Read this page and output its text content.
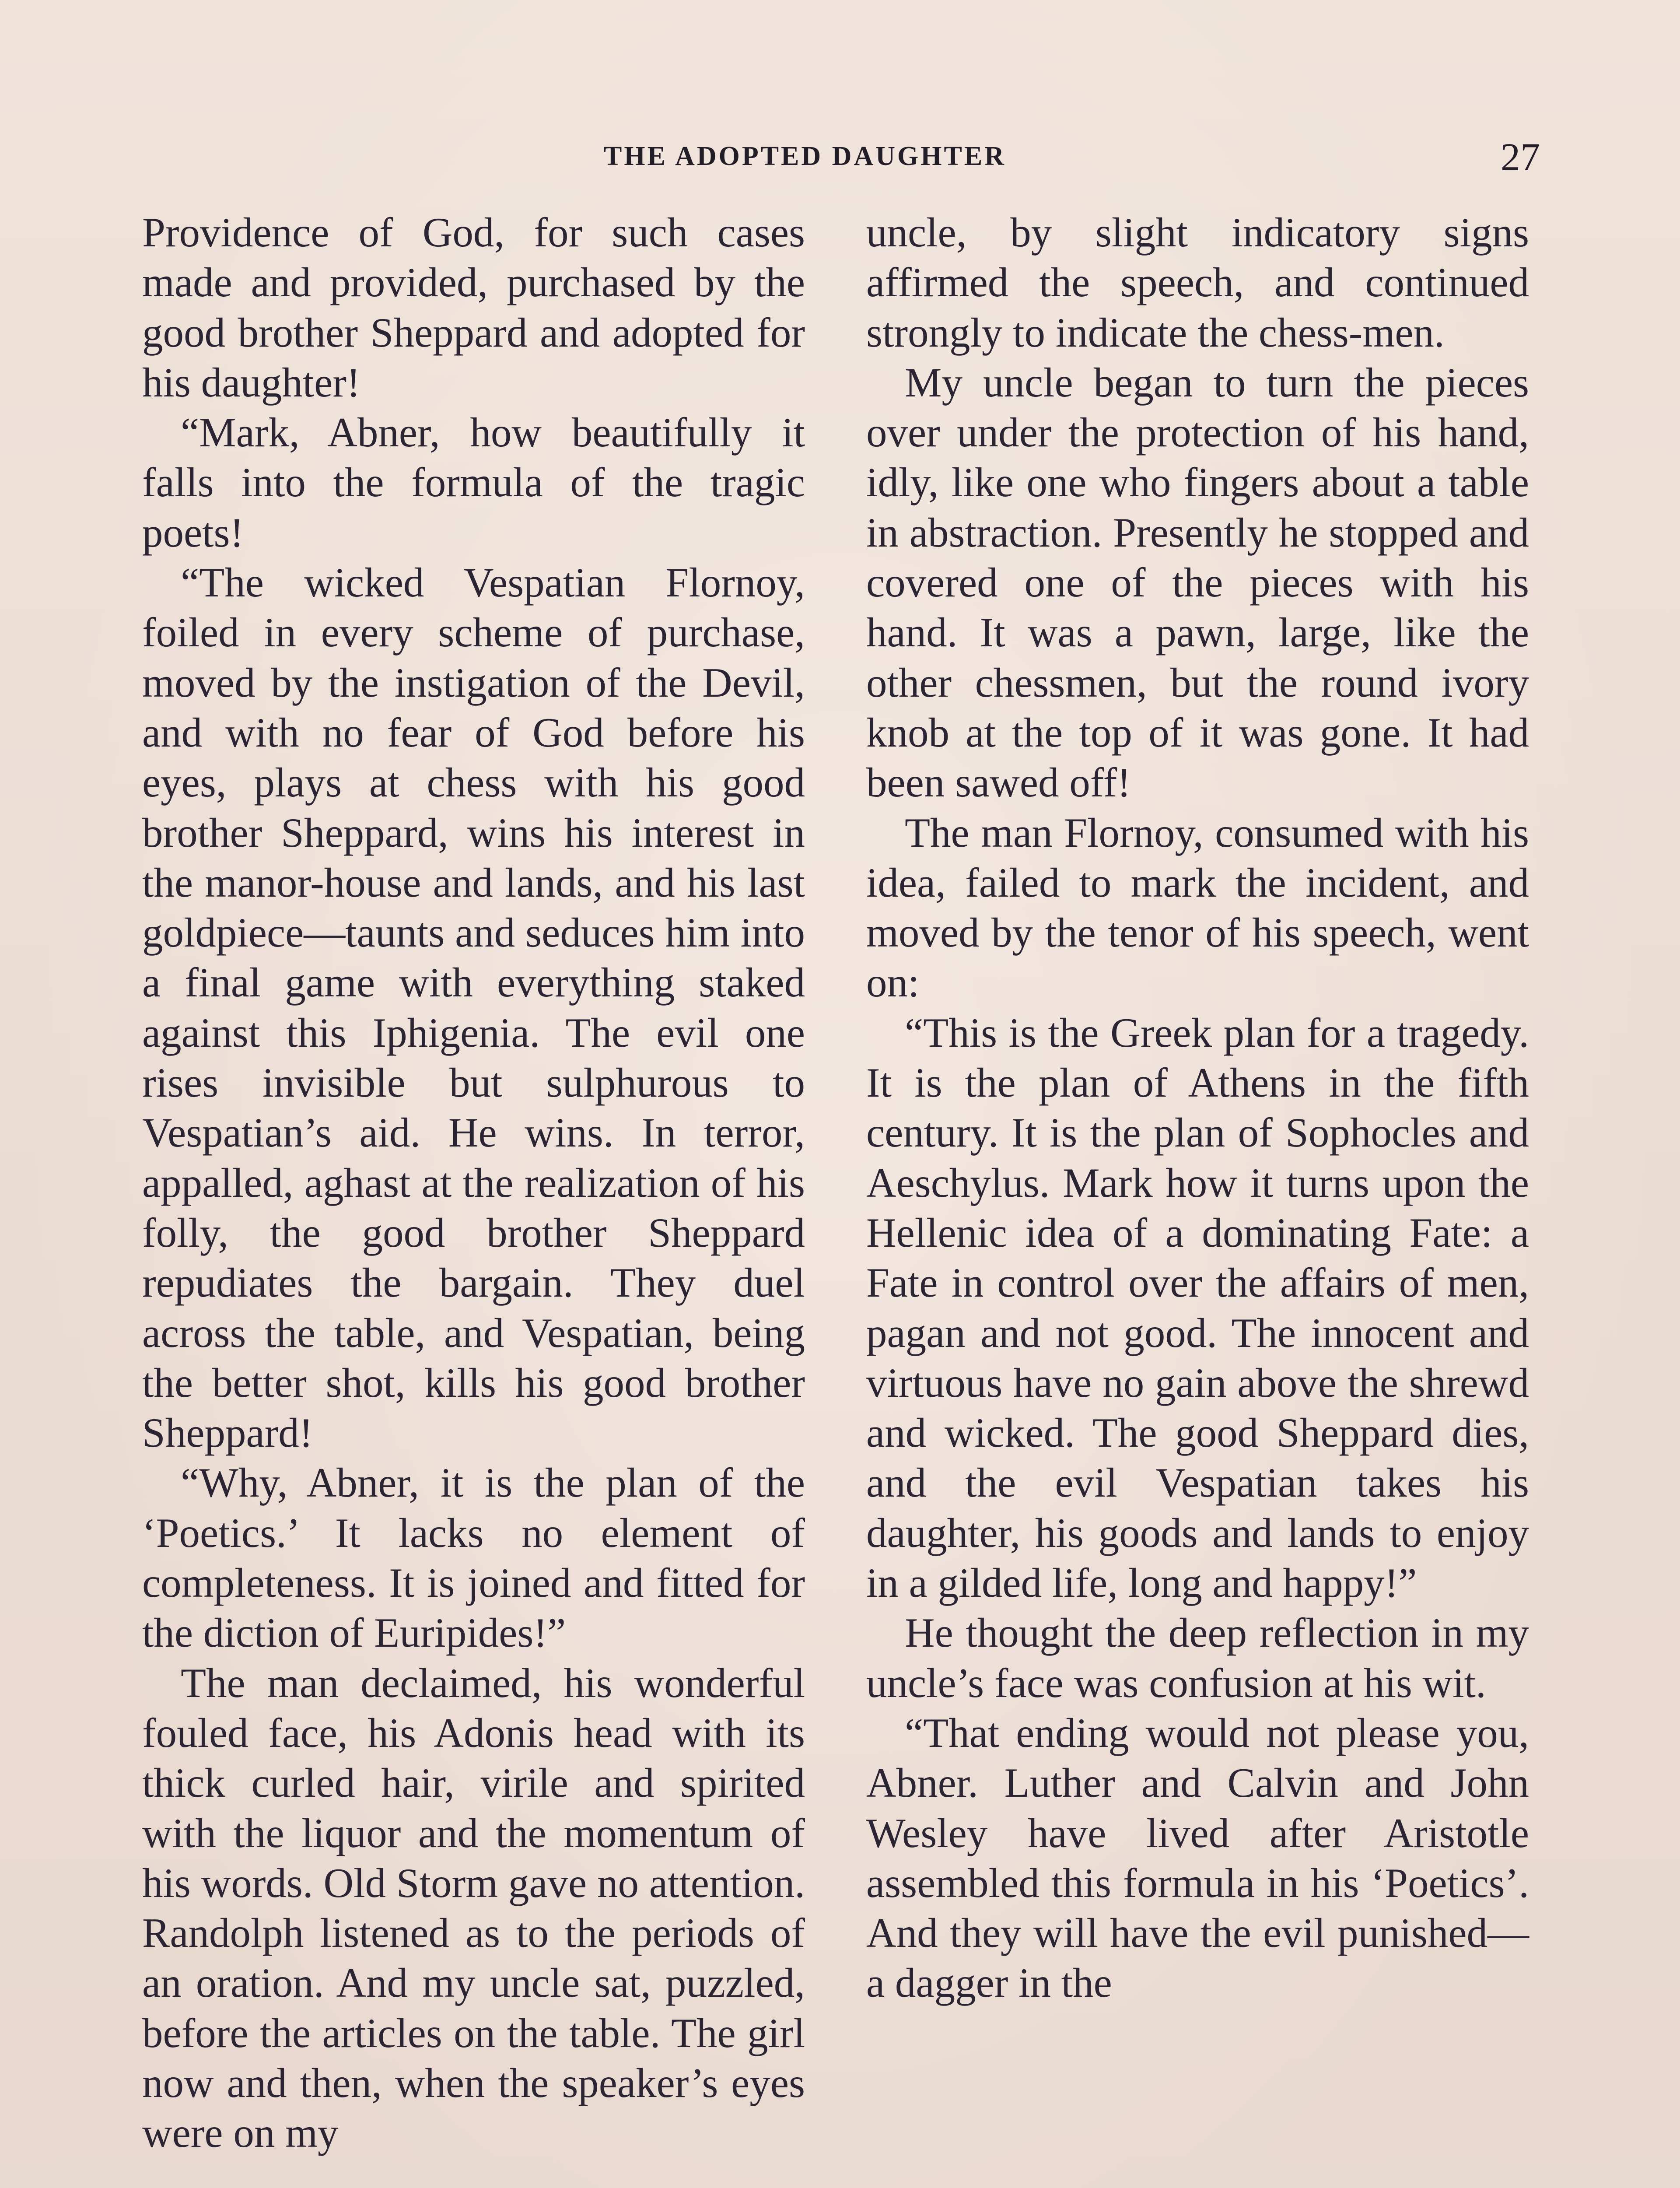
THE ADOPTED DAUGHTER	27

Providence of God, for such cases made and provided, purchased by the good brother Sheppard and adopted for his daughter!

“Mark, Abner, how beautifully it falls into the formula of the tragic poets!

“The wicked Vespatian Flornoy, foiled in every scheme of purchase, moved by the instigation of the Devil, and with no fear of God before his eyes, plays at chess with his good brother Sheppard, wins his interest in the manor-house and lands, and his last goldpiece—taunts and seduces him into a final game with everything staked against this Iphigenia. The evil one rises invisible but sulphurous to Vespatian’s aid. He wins. In terror, appalled, aghast at the realization of his folly, the good brother Sheppard repudiates the bargain. They duel across the table, and Vespatian, being the better shot, kills his good brother Sheppard!

“Why, Abner, it is the plan of the ‘Poetics.’ It lacks no element of completeness. It is joined and fitted for the diction of Euripides!”

The man declaimed, his wonderful fouled face, his Adonis head with its thick curled hair, virile and spirited with the liquor and the momentum of his words. Old Storm gave no attention. Randolph listened as to the periods of an oration. And my uncle sat, puzzled, before the articles on the table. The girl now and then, when the speaker’s eyes were on my

uncle, by slight indicatory signs affirmed the speech, and continued strongly to indicate the chess-men.

My uncle began to turn the pieces over under the protection of his hand, idly, like one who fingers about a table in abstraction. Presently he stopped and covered one of the pieces with his hand. It was a pawn, large, like the other chessmen, but the round ivory knob at the top of it was gone. It had been sawed off!

The man Flornoy, consumed with his idea, failed to mark the incident, and moved by the tenor of his speech, went on:

“This is the Greek plan for a tragedy. It is the plan of Athens in the fifth century. It is the plan of Sophocles and Aeschylus. Mark how it turns upon the Hellenic idea of a dominating Fate: a Fate in control over the affairs of men, pagan and not good. The innocent and virtuous have no gain above the shrewd and wicked. The good Sheppard dies, and the evil Vespatian takes his daughter, his goods and lands to enjoy in a gilded life, long and happy!”

He thought the deep reflection in my uncle’s face was confusion at his wit.

“That ending would not please you, Abner. Luther and Calvin and John Wesley have lived after Aristotle assembled this formula in his ‘Poetics’. And they will have the evil punished—a dagger in the
